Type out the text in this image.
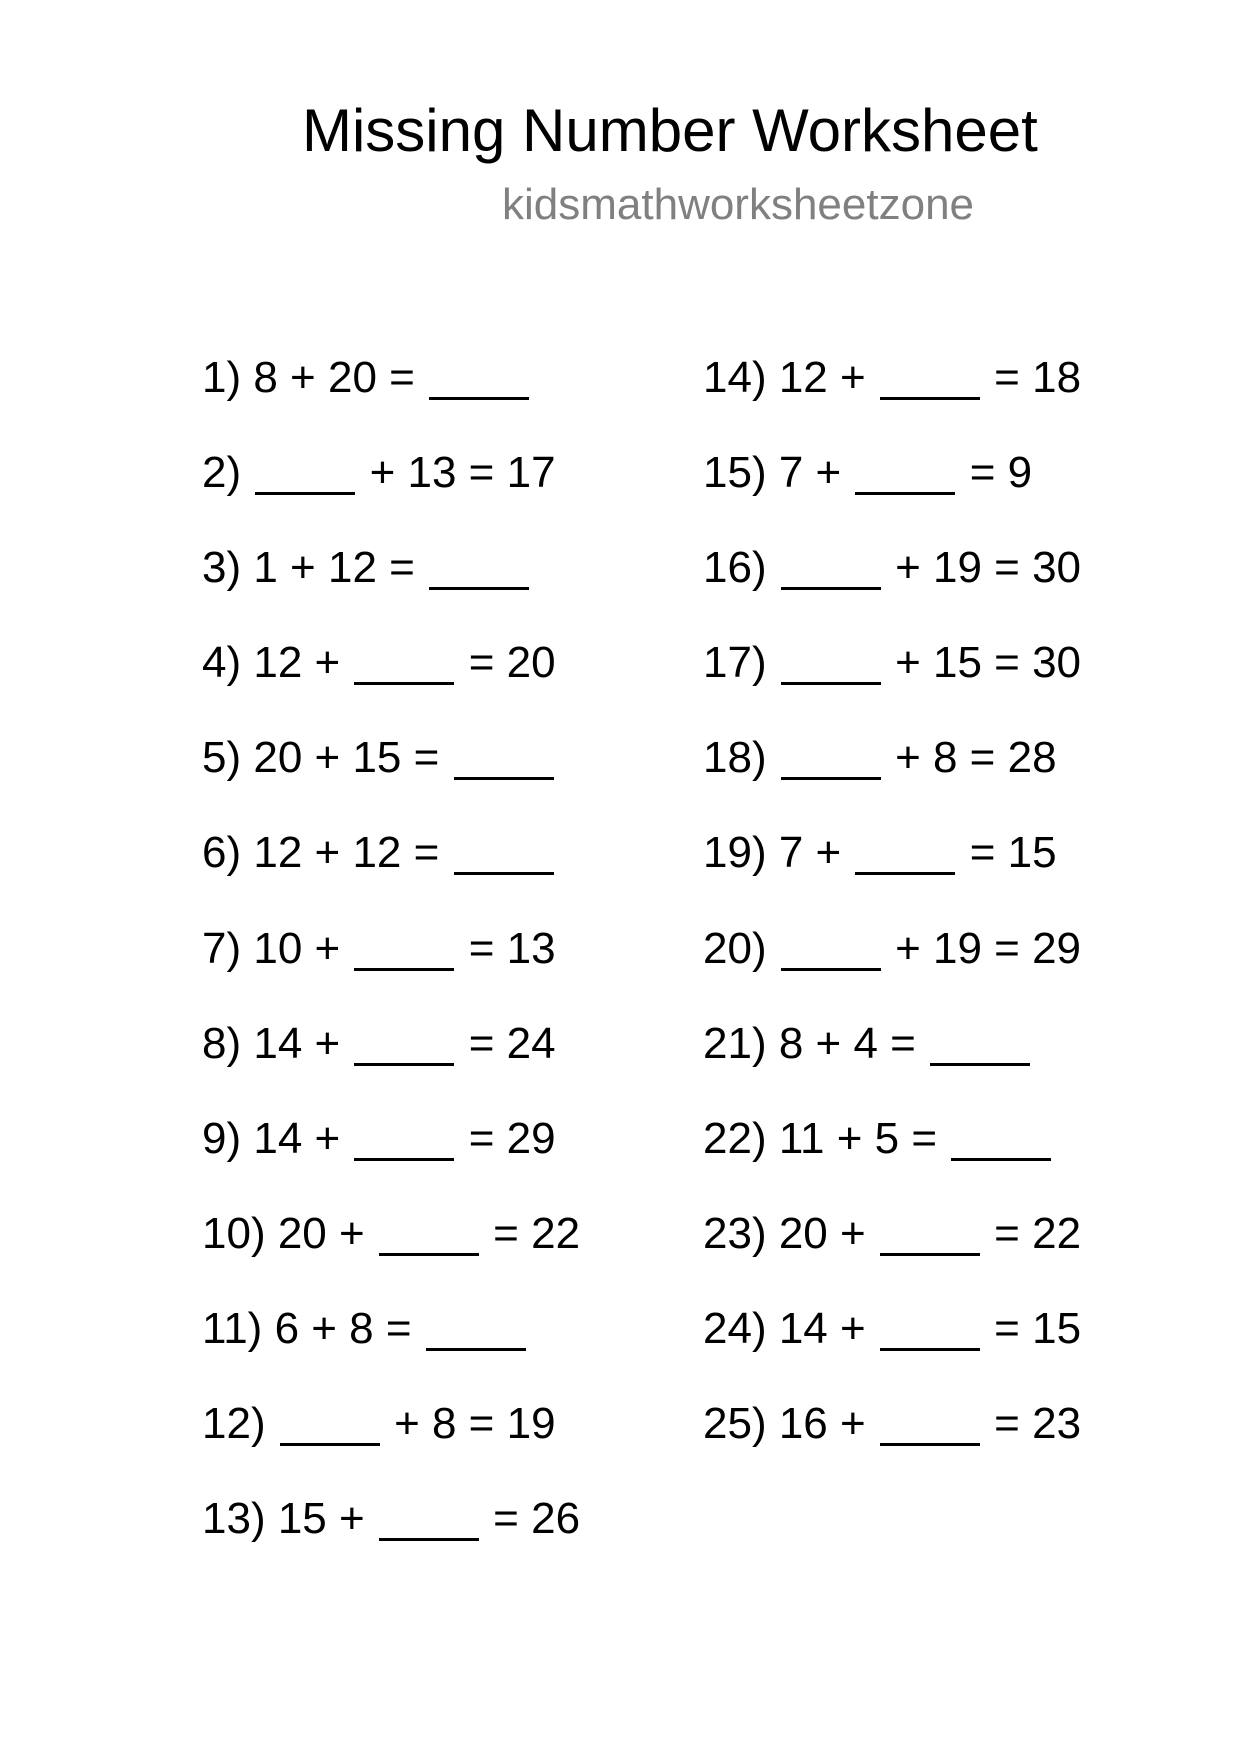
Missing Number Worksheet
kidsmathworksheetzone
1) 8 + 20 =
2)	+ 13 = 17
3) 1 + 12 =
4) 12 +	= 20
5) 20 + 15 =
6) 12 + 12 =
7) 10 +	= 13
8) 14 +	= 24
9) 14 +	= 29
10) 20 +	= 22
11) 6 + 8 =
12)	+ 8 = 19
13) 15 +	= 26
14) 12 +	= 18
15) 7 +	= 9
16)	+ 19 = 30
17)	+ 15 = 30
18)	+ 8 = 28
19) 7 +	= 15
20)	+ 19 = 29
21) 8 + 4 =
22) 11 + 5 =
23) 20 +	= 22
24) 14 +	= 15
25) 16 +	= 23
